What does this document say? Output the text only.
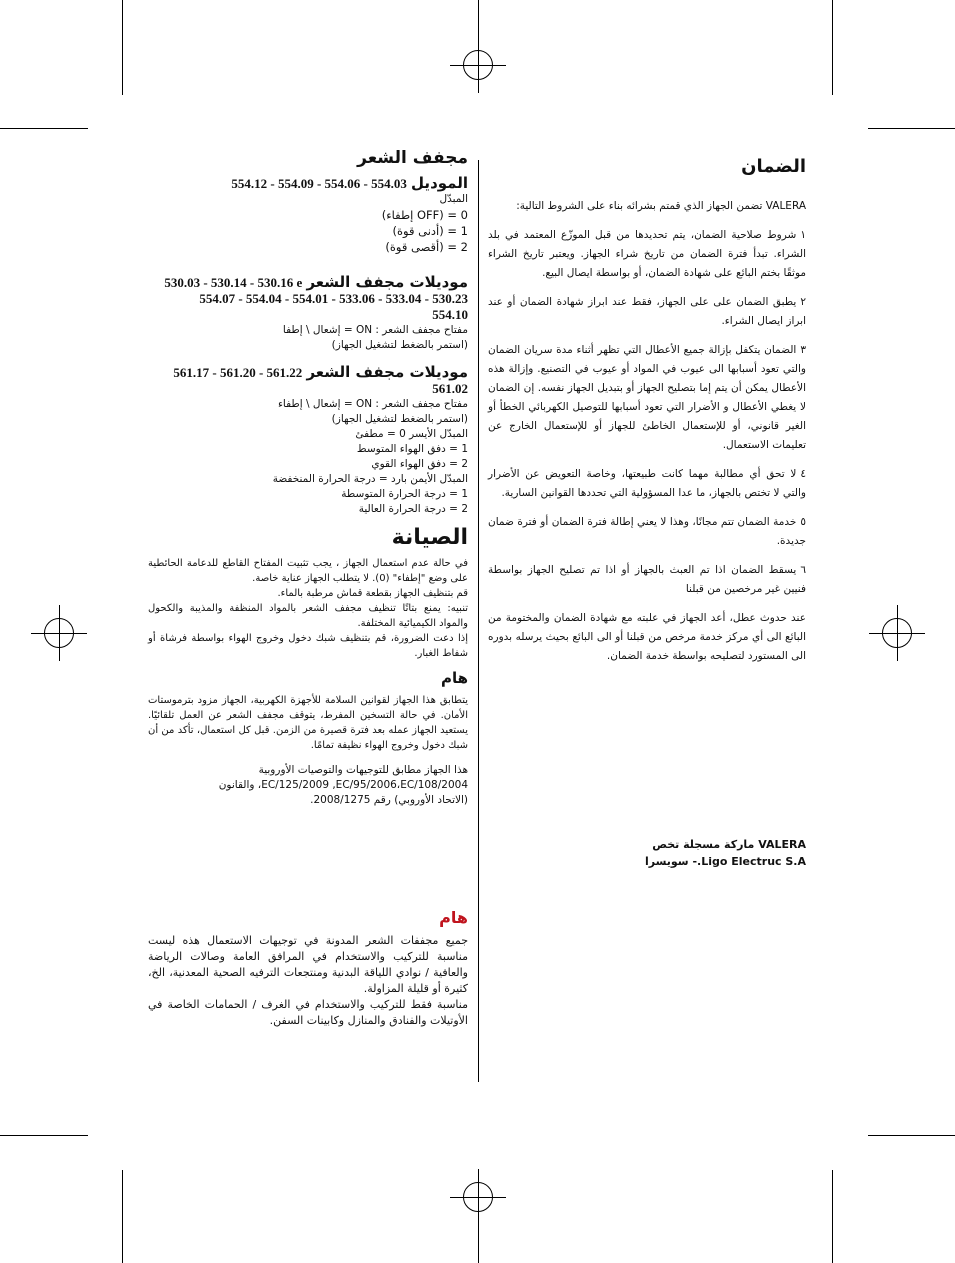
مجفف الشعر
الموديل 554.12 - 554.09 - 554.06 - 554.03
المبدّل
0 = (OFF إطفاء)
1 = (أدنى قوة)
2 = (أقصى قوة)
موديلات مجفف الشعر 530.03 - 530.14 - 530.16 e
554.07 - 554.04 - 554.01 - 533.06 - 533.04 - 530.23
554.10
مفتاح مجفف الشعر : ON = إشعال \ إطفا
(استمر بالضغط لتشغيل الجهاز)
موديلات مجفف الشعر 561.17 - 561.20 - 561.22
561.02
مفتاح مجفف الشعر : ON = إشعال \ إطفاء
(استمر بالضغط لتشغيل الجهاز)
المبدّل الأيسر 0 = مطفئ
1 = دفق الهواء المتوسط
2 = دفق الهواء القوي
المبدّل الأيمن بارد = درجة الحرارة المنخفضة
1 = درجة الحرارة المتوسطة
2 = درجة الحرارة العالية
الصيانة
في حالة عدم استعمال الجهاز ، يجب تثبيت المفتاح القاطع للدعامة الحائطية على وضع "إطفاء" (0). لا يتطلب الجهاز عناية خاصة.
قم بتنظيف الجهاز بقطعة قماش مرطبة بالماء.
تنبيه: يمنع بتاتًا تنظيف مجفف الشعر بالمواد المنظفة والمذيبة والكحول والمواد الكيميائية المختلفة.
إذا دعت الضرورة، قم بتنظيف شبك دخول وخروج الهواء بواسطة فرشاة أو شفاط الغبار.
هام
يتطابق هذا الجهاز لقوانين السلامة للأجهزة الكهربية، الجهاز مزود بترموستات الأمان. في حالة التسخين المفرط، يتوقف مجفف الشعر عن العمل تلقائيًا. يستعيد الجهاز عمله بعد فترة قصيرة من الزمن. قبل كل استعمال، تأكد من أن شبك دخول وخروج الهواء نظيفة تمامًا.
هذا الجهاز مطابق للتوجيهات والتوصيات الأوروبية
EC/125/2009 ,EC/95/2006،EC/108/2004، والقانون
(الاتحاد الأوروبي) رقم 2008/1275.
هام
جميع مجففات الشعر المدونة في توجيهات الاستعمال هذه ليست مناسبة للتركيب والاستخدام في المرافق العامة وصالات الرياضة والعافية / نوادي اللياقة البدنية ومنتجعات الترفيه الصحية المعدنية، الخ، كثيرة أو قليلة المزاولة.
مناسبة فقط للتركيب والاستخدام في الغرف / الحمامات الخاصة في الأوتيلات والفنادق والمنازل وكابينات السفن.
الضمان
VALERA تضمن الجهاز الذي قمتم بشرائه بناء على الشروط التالية:
١شروط صلاحية الضمان، يتم تحديدها من قبل الموزّع المعتمد في بلد الشراء. تبدأ فترة الضمان من تاريخ شراء الجهاز. ويعتبر تاريخ الشراء موثقًا بختم البائع على شهادة الضمان، أو بواسطة ايصال البيع.
٢يطبق الضمان على على الجهاز، فقط عند ابراز شهادة الضمان أو عند ابراز ايصال الشراء.
٣الضمان يتكفل بإزالة جميع الأعطال التي تظهر أثناء مدة سريان الضمان والتي تعود أسبابها الى عيوب في المواد أو عيوب في التصنيع. وإزالة هذه الأعطال يمكن أن يتم إما بتصليح الجهاز أو بتبديل الجهاز نفسه. إن الضمان لا يغطي الأعطال و الأضرار التي تعود أسبابها للتوصيل الكهربائي الخطأ أو الغير قانوني، أو للإستعمال الخاطئ للجهاز أو للإستعمال الخارج عن تعليمات الاستعمال.
٤لا تحق أي مطالبة مهما كانت طبيعتها، وخاصة التعويض عن الأضرار والتي لا تختص بالجهاز، ما عدا المسؤولية التي تحددها القوانين السارية.
٥خدمة الضمان تتم مجانًا، وهذا لا يعني إطالة فترة الضمان أو فترة ضمان جديدة.
٦يسقط الضمان اذا تم العبث بالجهاز أو اذا تم تصليح الجهاز بواسطة فنيين غير مرخصين من قبلنا
عند حدوث عطل، أعد الجهاز في علبته مع شهادة الضمان والمختومة من البائع الى أي مركز خدمة مرخص من قبلنا أو الى البائع بحيث يرسله بدوره الى المستورد لتصليحه بواسطة خدمة الضمان.
VALERA ماركة مسجلة تخص
Ligo Electruc S.A.- سويسرا
